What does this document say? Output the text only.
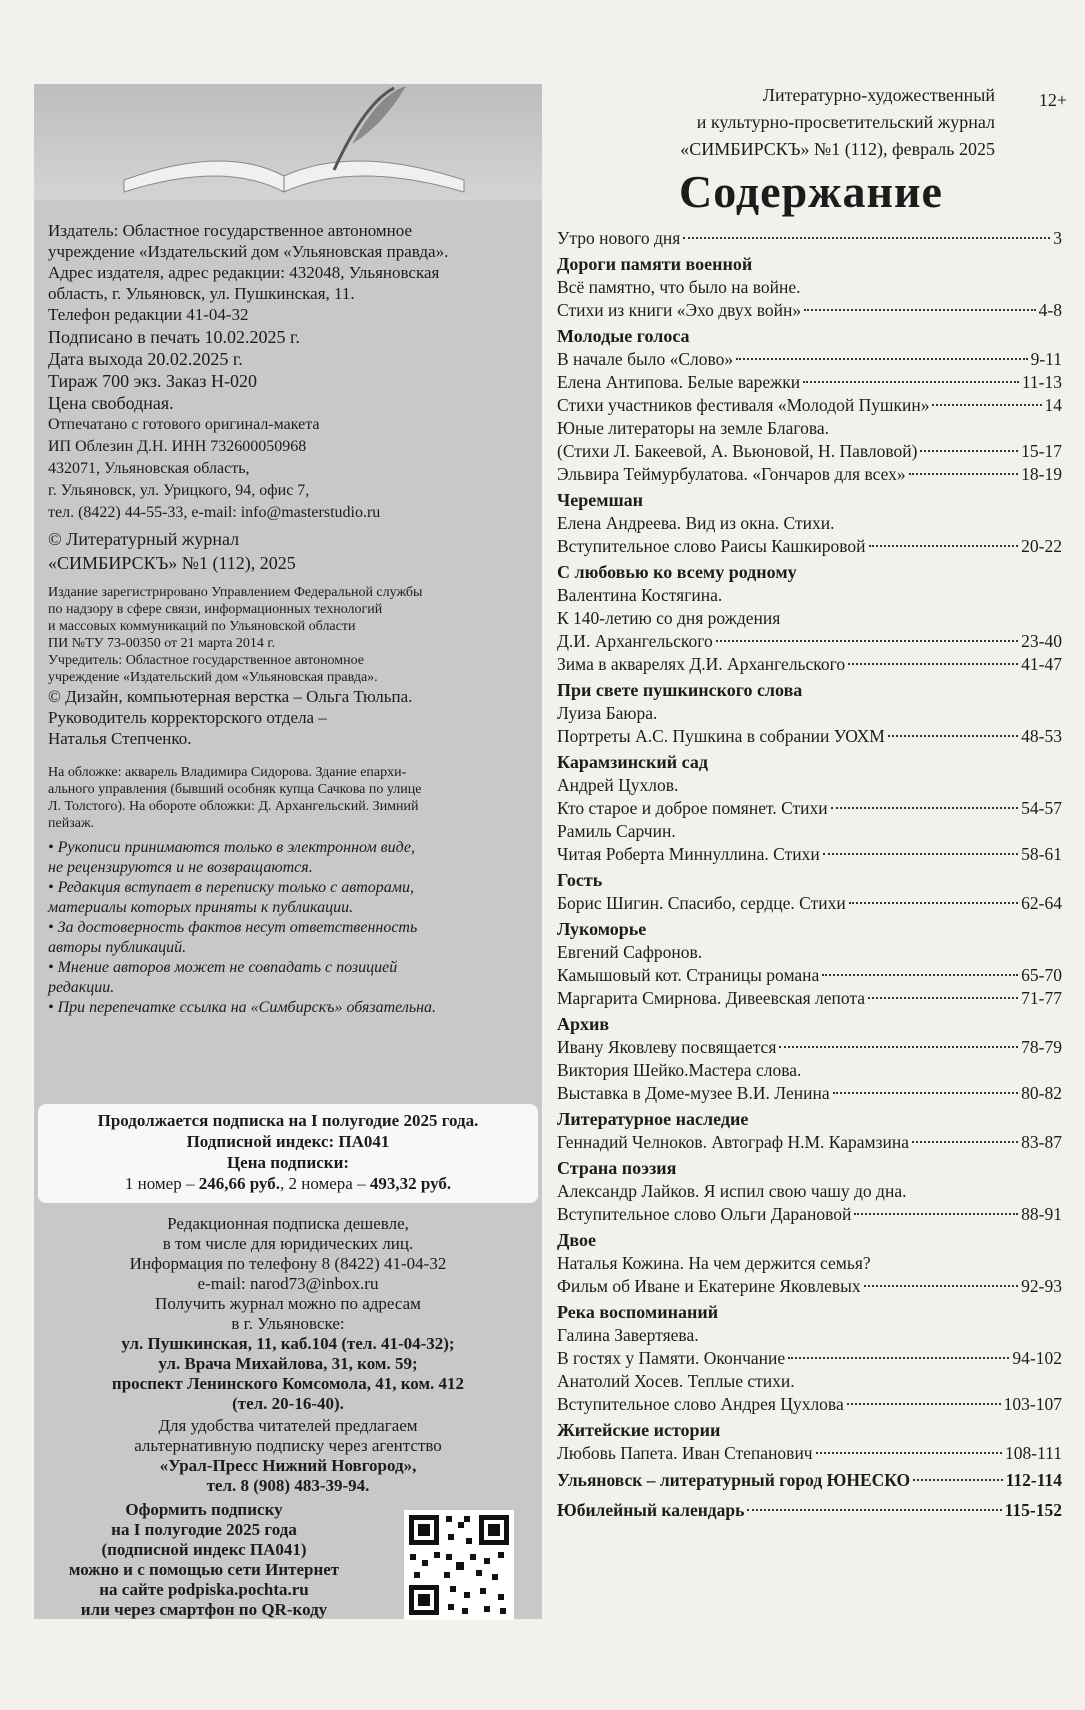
Издатель: Областное государственное автономное

учреждение «Издательский дом «Ульяновская правда».

Адрес издателя, адрес редакции: 432048, Ульяновская

область, г. Ульяновск, ул. Пушкинская, 11.

Телефон редакции 41-04-32

Подписано в печать 10.02.2025 г.

Дата выхода 20.02.2025 г.

Тираж 700 экз. Заказ Н-020

Цена свободная.

Отпечатано с готового оригинал-макета

ИП Облезин Д.Н. ИНН 732600050968

432071, Ульяновская область,

г. Ульяновск, ул. Урицкого, 94, офис 7,

тел. (8422) 44-55-33, e-mail: info@masterstudio.ru

© Литературный журнал

«СИМБИРСКЪ» №1 (112), 2025

Издание зарегистрировано Управлением Федеральной службы

по надзору в сфере связи, информационных технологий

и массовых коммуникаций по Ульяновской области

ПИ №ТУ 73-00350 от 21 марта 2014 г.

Учредитель: Областное государственное автономное

учреждение «Издательский дом «Ульяновская правда».

© Дизайн, компьютерная верстка – Ольга Тюльпа.

Руководитель корректорского отдела –

Наталья Степченко.

На обложке: акварель Владимира Сидорова. Здание епархи-

ального управления (бывший особняк купца Сачкова по улице

Л. Толстого). На обороте обложки: Д. Архангельский. Зимний

пейзаж.

• Рукописи принимаются только в электронном виде,

не рецензируются и не возвращаются.

• Редакция вступает в переписку только с авторами,

материалы которых приняты к публикации.

• За достоверность фактов несут ответственность

авторы публикаций.

• Мнение авторов может не совпадать с позицией

редакции.

• При перепечатке ссылка на «Симбирскъ» обязательна.

Продолжается подписка на I полугодие 2025 года.

Подписной индекс: ПА041

Цена подписки:

1 номер – 246,66 руб., 2 номера – 493,32 руб.

Редакционная подписка дешевле,

в том числе для юридических лиц.

Информация по телефону 8 (8422) 41-04-32

e-mail: narod73@inbox.ru

Получить журнал можно по адресам

в г. Ульяновске:

ул. Пушкинская, 11, каб.104 (тел. 41-04-32);

ул. Врача Михайлова, 31, ком. 59;

проспект Ленинского Комсомола, 41, ком. 412

(тел. 20-16-40).

Для удобства читателей предлагаем

альтернативную подписку через агентство

«Урал-Пресс Нижний Новгород»,

тел. 8 (908) 483-39-94.

Оформить подписку

на I полугодие 2025 года

(подписной индекс ПА041)

можно и с помощью сети Интернет

на сайте podpiska.pochta.ru

или через смартфон по QR-коду

Литературно-художественный

и культурно-просветительский журнал

«СИМБИРСКЪ» №1 (112), февраль 2025

12+
Содержание
Утро нового дня	3
Дороги памяти военной
Всё памятно, что было на войне.
Стихи из книги «Эхо двух войн»	4-8
Молодые голоса
В начале было «Слово»	9-11
Елена Антипова. Белые варежки	11-13
Стихи участников фестиваля «Молодой Пушкин»	14
Юные литераторы на земле Благова.
(Стихи Л. Бакеевой, А. Вьюновой, Н. Павловой)	15-17
Эльвира Теймурбулатова. «Гончаров для всех»	18-19
Черемшан
Елена Андреева. Вид из окна. Стихи.
Вступительное слово Раисы Кашкировой	20-22
С любовью ко всему родному
Валентина Костягина.
К 140-летию со дня рождения
Д.И. Архангельского	23-40
Зима в акварелях Д.И. Архангельского	41-47
При свете пушкинского слова
Луиза Баюра.
Портреты А.С. Пушкина в собрании УОХМ	48-53
Карамзинский сад
Андрей Цухлов.
Кто старое и доброе помянет. Стихи	54-57
Рамиль Сарчин.
Читая Роберта Миннуллина. Стихи	58-61
Гость
Борис Шигин. Спасибо, сердце. Стихи	62-64
Лукоморье
Евгений Сафронов.
Камышовый кот. Страницы романа	65-70
Маргарита Смирнова. Дивеевская лепота	71-77
Архив
Ивану Яковлеву посвящается	78-79
Виктория Шейко.Мастера слова.
Выставка в Доме-музее В.И. Ленина	80-82
Литературное наследие
Геннадий Челноков. Автограф Н.М. Карамзина	83-87
Страна поэзия
Александр Лайков. Я испил свою чашу до дна.
Вступительное слово Ольги Дарановой	88-91
Двое
Наталья Кожина. На чем держится семья?
Фильм об Иване и Екатерине Яковлевых	92-93
Река воспоминаний
Галина Завертяева.
В гостях у Памяти. Окончание	94-102
Анатолий Хосев. Теплые стихи.
Вступительное слово Андрея Цухлова	103-107
Житейские истории
Любовь Папета. Иван Степанович	108-111
Ульяновск – литературный город ЮНЕСКО	112-114
Юбилейный календарь	115-152
